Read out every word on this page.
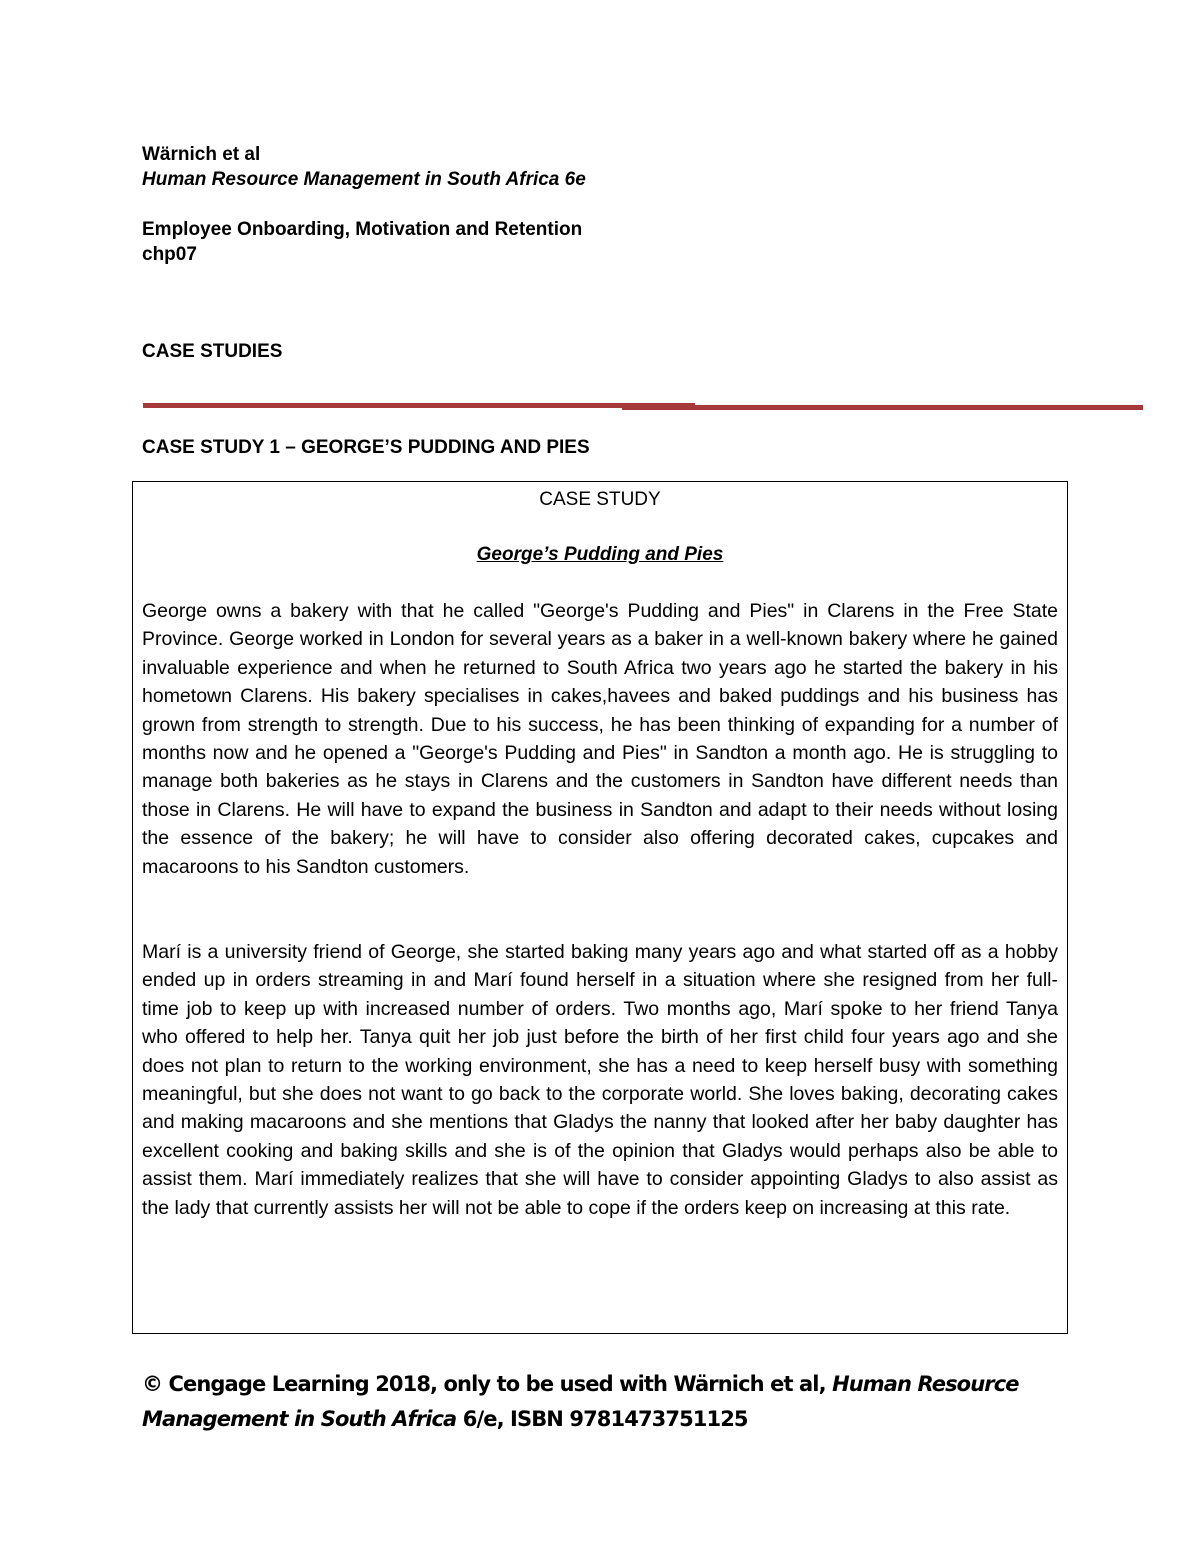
Wärnich et al
Human Resource Management in South Africa 6e
Employee Onboarding, Motivation and Retention
chp07
CASE STUDIES
CASE STUDY 1 – GEORGE’S PUDDING AND PIES
CASE STUDY
George’s Pudding and Pies

George owns a bakery with that he called "George's Pudding and Pies" in Clarens in the Free State Province. George worked in London for several years as a baker in a well-known bakery where he gained invaluable experience and when he returned to South Africa two years ago he started the bakery in his hometown Clarens. His bakery specialises in cakes,havees and baked puddings and his business has grown from strength to strength. Due to his success, he has been thinking of expanding for a number of months now and he opened a "George's Pudding and Pies" in Sandton a month ago. He is struggling to manage both bakeries as he stays in Clarens and the customers in Sandton have different needs than those in Clarens. He will have to expand the business in Sandton and adapt to their needs without losing the essence of the bakery; he will have to consider also offering decorated cakes, cupcakes and macaroons to his Sandton customers.

Marí is a university friend of George, she started baking many years ago and what started off as a hobby ended up in orders streaming in and Marí found herself in a situation where she resigned from her full-time job to keep up with increased number of orders. Two months ago, Marí spoke to her friend Tanya who offered to help her. Tanya quit her job just before the birth of her first child four years ago and she does not plan to return to the working environment, she has a need to keep herself busy with something meaningful, but she does not want to go back to the corporate world. She loves baking, decorating cakes and making macaroons and she mentions that Gladys the nanny that looked after her baby daughter has excellent cooking and baking skills and she is of the opinion that Gladys would perhaps also be able to assist them. Marí immediately realizes that she will have to consider appointing Gladys to also assist as the lady that currently assists her will not be able to cope if the orders keep on increasing at this rate.

© Cengage Learning 2018, only to be used with Wärnich et al, Human Resource Management in South Africa 6/e, ISBN 9781473751125
